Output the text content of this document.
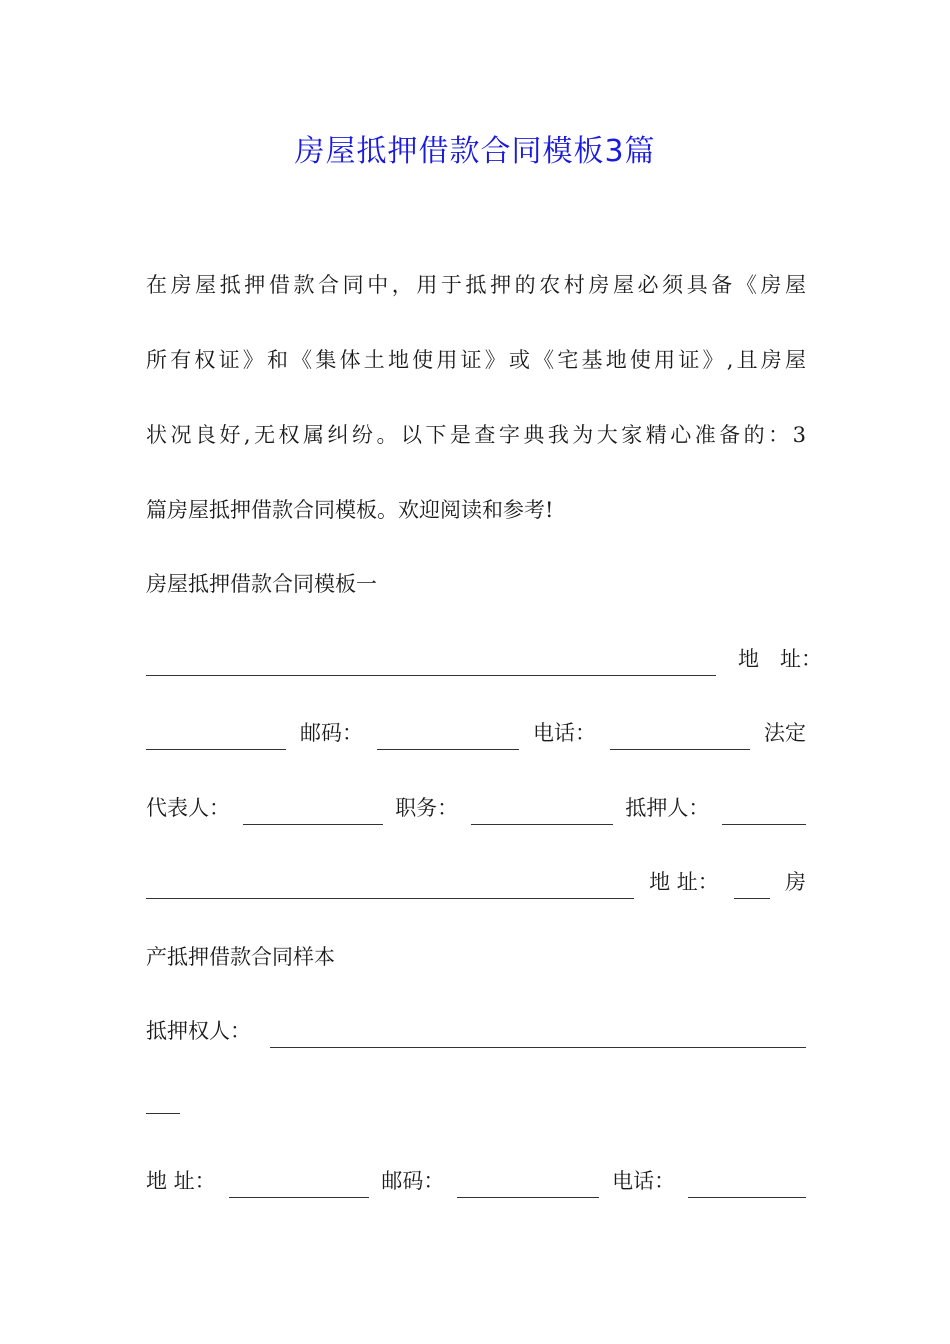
房屋抵押借款合同模板3篇
在房屋抵押借款合同中，用于抵押的农村房屋必须具备《房屋
所有权证》和《集体土地使用证》或《宅基地使用证》,且房屋
状况良好,无权属纠纷。以下是查字典我为大家精心准备的：3
篇房屋抵押借款合同模板。欢迎阅读和参考!
房屋抵押借款合同模板一
地　址：
邮码：	电话：	法定
代表人：	职务：	抵押人：
地 址：	房
产抵押借款合同样本
抵押权人：
地 址：	邮码：	电话：
